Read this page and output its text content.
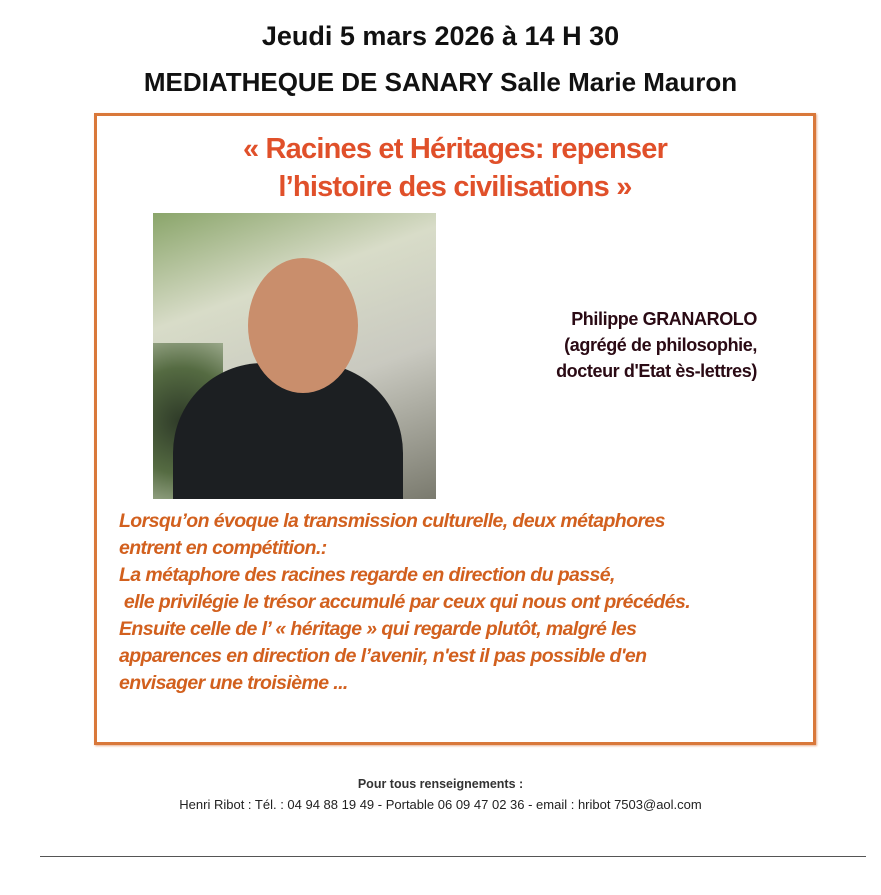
Jeudi 5 mars 2026 à 14 H 30
MEDIATHEQUE DE SANARY Salle Marie Mauron
« Racines et Héritages: repenser
l’histoire des civilisations »
Philippe GRANAROLO
(agrégé de philosophie,
docteur d'Etat ès-lettres)
Lorsqu’on évoque la transmission culturelle, deux métaphores
entrent en compétition.:
La métaphore des racines regarde en direction du passé,
elle privilégie le trésor accumulé par ceux qui nous ont précédés.
Ensuite celle de l’ « héritage » qui regarde plutôt, malgré les
apparences en direction de l’avenir, n'est il pas possible d'en
envisager une troisième ...
Pour tous renseignements :
Henri Ribot : Tél. : 04 94 88 19 49 - Portable 06 09 47 02 36 - email : hribot 7503@aol.com
